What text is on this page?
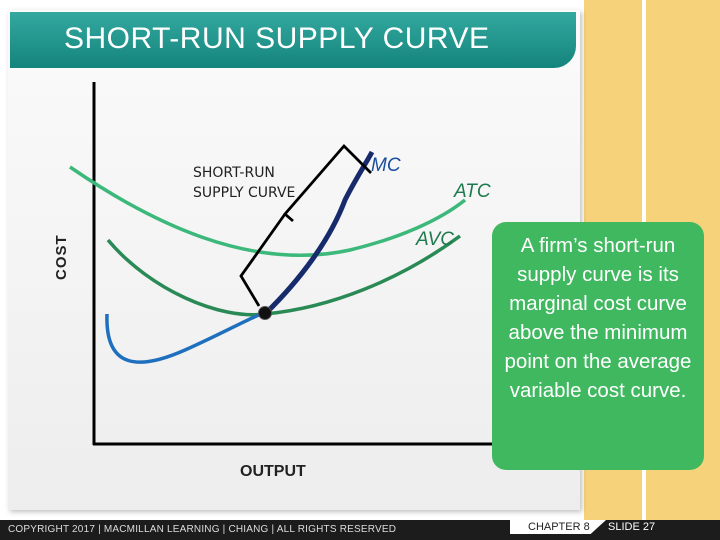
SHORT-RUN SUPPLY CURVE
MC
ATC
AVC
SHORT-RUN
SUPPLY CURVE
COST
OUTPUT
A firm’s short-run supply curve is its marginal cost curve above the minimum point on the average variable cost curve.
COPYRIGHT 2017 | MACMILLAN LEARNING | CHIANG | ALL RIGHTS RESERVED	CHAPTER 8 SLIDE 27
